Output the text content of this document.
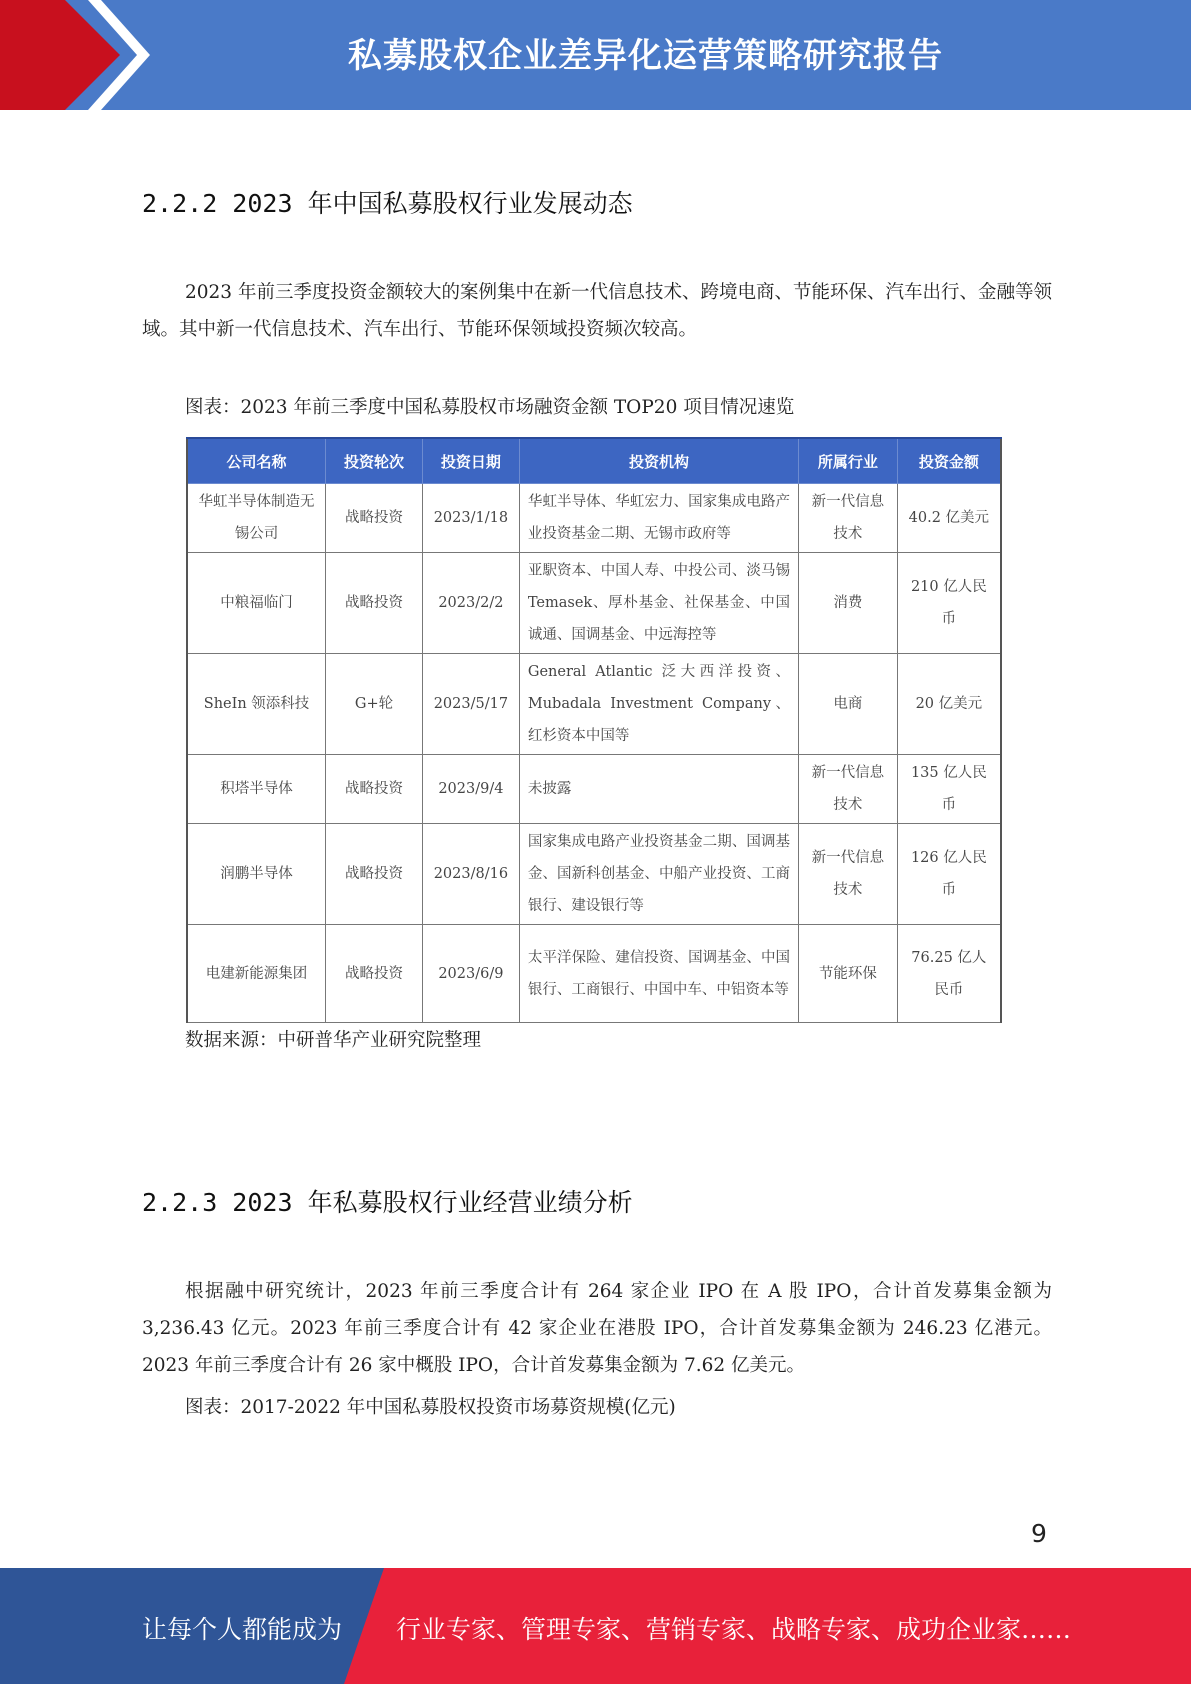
私募股权企业差异化运营策略研究报告
2.2.2 2023 年中国私募股权行业发展动态

2023 年前三季度投资金额较大的案例集中在新一代信息技术、跨境电商、节能环保、汽车出行、金融等领域。其中新一代信息技术、汽车出行、节能环保领域投资频次较高。

图表：2023 年前三季度中国私募股权市场融资金额 TOP20 项目情况速览
公司名称	投资轮次	投资日期	投资机构	所属行业	投资金额
华虹半导体制造无锡公司	战略投资	2023/1/18	华虹半导体、华虹宏力、国家集成电路产业投资基金二期、无锡市政府等	新一代信息技术	40.2 亿美元
中粮福临门	战略投资	2023/2/2	亚駅资本、中国人寿、中投公司、淡马锡 Temasek、厚朴基金、社保基金、中国诚通、国调基金、中远海控等	消费	210 亿人民币
SheIn 领添科技	G+轮	2023/5/17	General Atlantic 泛大西洋投资、Mubadala Investment Company、红杉资本中国等	电商	20 亿美元
积塔半导体	战略投资	2023/9/4	未披露	新一代信息技术	135 亿人民币
润鹏半导体	战略投资	2023/8/16	国家集成电路产业投资基金二期、国调基金、国新科创基金、中船产业投资、工商银行、建设银行等	新一代信息技术	126 亿人民币
电建新能源集团	战略投资	2023/6/9	太平洋保险、建信投资、国调基金、中国银行、工商银行、中国中车、中铝资本等	节能环保	76.25 亿人民币
数据来源：中研普华产业研究院整理
2.2.3 2023 年私募股权行业经营业绩分析

根据融中研究统计，2023 年前三季度合计有 264 家企业 IPO 在 A 股 IPO，合计首发募集金额为 3,236.43 亿元。2023 年前三季度合计有 42 家企业在港股 IPO，合计首发募集金额为 246.23 亿港元。2023 年前三季度合计有 26 家中概股 IPO，合计首发募集金额为 7.62 亿美元。

图表：2017-2022 年中国私募股权投资市场募资规模(亿元)
9
让每个人都能成为 行业专家、管理专家、营销专家、战略专家、成功企业家……
